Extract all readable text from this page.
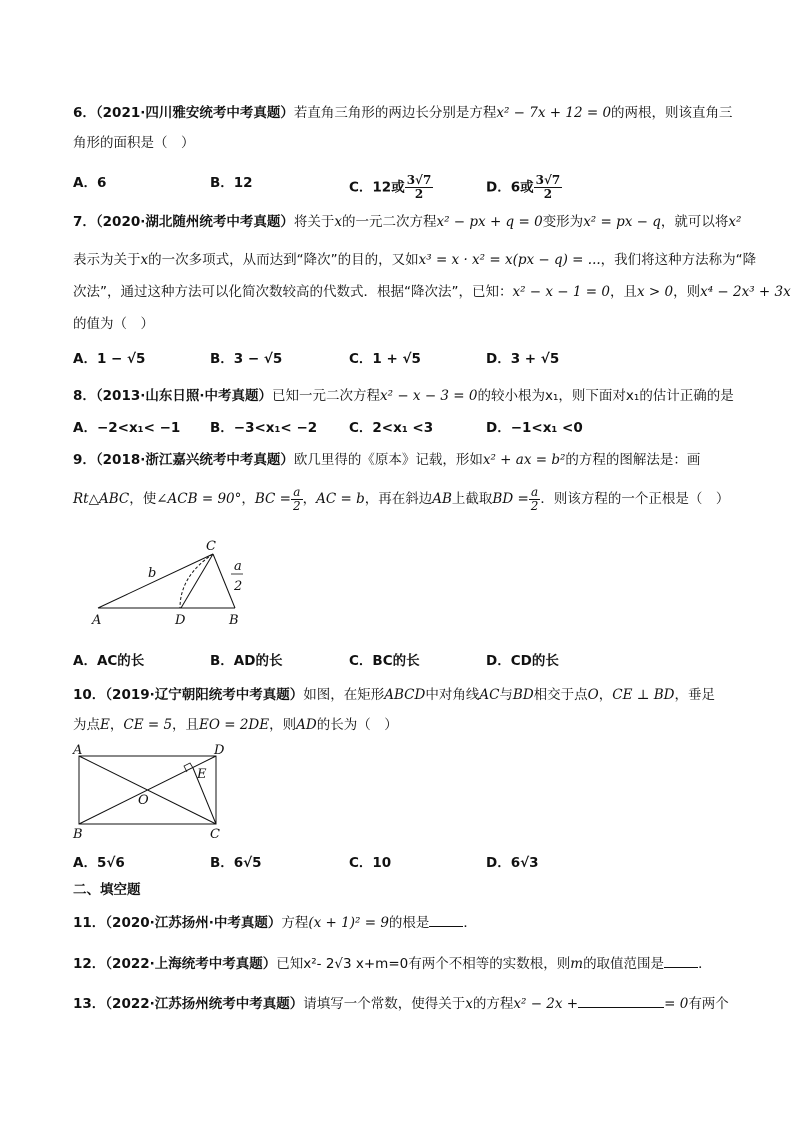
6．（2021·四川雅安统考中考真题）若直角三角形的两边长分别是方程x² − 7x + 12 = 0的两根，则该直角三
角形的面积是（　）
A．6	B．12	C．12或 $\frac{3√7}{2}$	D．6或 $\frac{3√7}{2}$
7．（2020·湖北随州统考中考真题）将关于x的一元二次方程x² − px + q = 0变形为x² = px − q，就可以将x²
表示为关于x的一次多项式，从而达到“降次”的目的，又如x³ = x · x² = x(px − q) = ...，我们将这种方法称为“降
次法”，通过这种方法可以化简次数较高的代数式．根据“降次法”，已知：x² − x − 1 = 0，且x > 0，则x⁴ − 2x³ + 3x
的值为（　）
A．1 − √5	B．3 − √5	C．1 + √5	D．3 + √5
8．（2013·山东日照·中考真题）已知一元二次方程x² − x − 3 = 0的较小根为x₁，则下面对x₁的估计正确的是
A．−2<x₁< −1 B．−3<x₁< −2 C．2<x₁ <3	D．−1<x₁ <0
9．（2018·浙江嘉兴统考中考真题）欧几里得的《原本》记载，形如x² + ax = b²的方程的图解法是：画
Rt△ABC，使∠ACB = 90°，BC = $\frac{a}{2}$ ，AC = b，再在斜边AB上截取BD = $\frac{a}{2}$ ．则该方程的一个正根是（　）
C
b	a
2
A	D	B
A．AC的长	B．AD的长	C．BC的长	D．CD的长
10．（2019·辽宁朝阳统考中考真题）如图，在矩形ABCD中对角线AC与BD相交于点O，CE ⊥ BD，垂足
为点E，CE = 5，且EO = 2DE，则AD的长为（　）
A	D
E
O
B	C
A．5√6	B．6√5	C．10	D．6√3
二、填空题
11．（2020·江苏扬州·中考真题）方程(x + 1)² = 9的根是	．
12．（2022·上海统考中考真题）已知x²- 2√3 x+m=0有两个不相等的实数根，则m的取值范围是	．
13．（2022·江苏扬州统考中考真题）请填写一个常数，使得关于x的方程x² − 2x +	= 0有两个
